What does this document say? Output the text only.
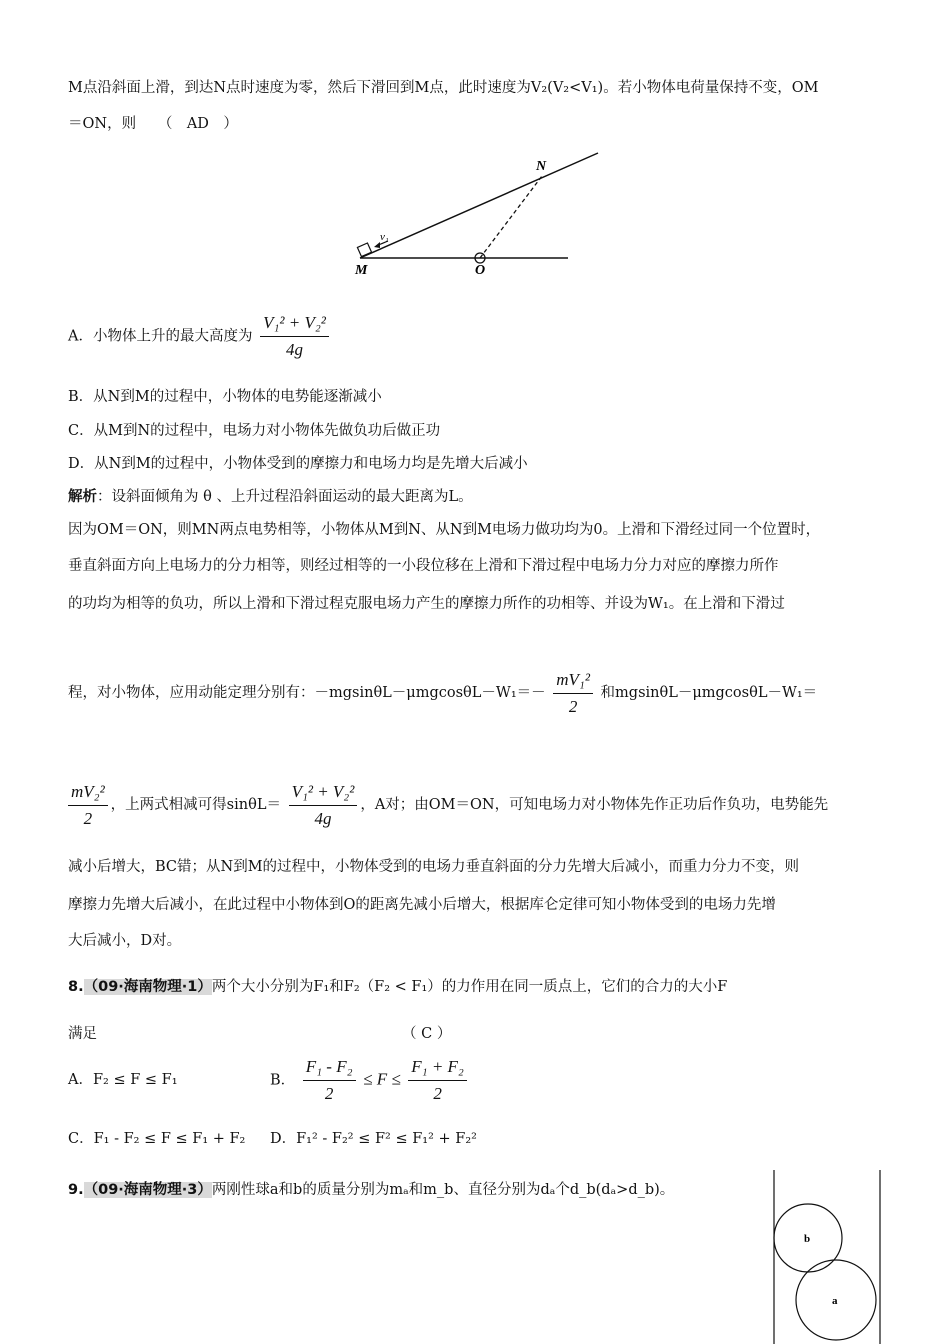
M点沿斜面上滑，到达N点时速度为零，然后下滑回到M点，此时速度为V₂(V₂<V₁)。若小物体电荷量保持不变，OM
＝ON，则　　（　AD　）
v₁
N
M	O
A．小物体上升的最大高度为 $\frac{\text{V₁² + V₂²}}{4g}$
B．从N到M的过程中，小物体的电势能逐渐减小
C．从M到N的过程中，电场力对小物体先做负功后做正功
D．从N到M的过程中，小物体受到的摩擦力和电场力均是先增大后减小
解析：设斜面倾角为 θ 、上升过程沿斜面运动的最大距离为L。
因为OM＝ON，则MN两点电势相等，小物体从M到N、从N到M电场力做功均为0。上滑和下滑经过同一个位置时，
垂直斜面方向上电场力的分力相等，则经过相等的一小段位移在上滑和下滑过程中电场力分力对应的摩擦力所作
的功均为相等的负功，所以上滑和下滑过程克服电场力产生的摩擦力所作的功相等、并设为W₁。在上滑和下滑过
程，对小物体，应用动能定理分别有：$-mgsin\theta L-\mu mgcos\theta L-W_1=- \frac{\text{mV₁²}}{2}$ 和mgsinθL－μmgcosθL－W₁＝
$\frac{\text{mV₂²}}{2}$ ，上两式相减可得$\sin\theta L= \frac{\text{V₁² + V₂²}}{4g}$ ，A对；由OM＝ON，可知电场力对小物体先作正功后作负功，电势能先
减小后增大，BC错；从N到M的过程中，小物体受到的电场力垂直斜面的分力先增大后减小，而重力分力不变，则
摩擦力先增大后减小，在此过程中小物体到O的距离先减小后增大，根据库仑定律可知小物体受到的电场力先增
大后减小，D对。
8.（09·海南物理·1）两个大小分别为F₁和F₂（F₂ < F₁）的力作用在同一质点上，它们的合力的大小F
满足	（ C ）
A．F₂ ≤ F ≤ F₁	B． $\frac{\text{F₁ - F₂}}{2} \le F \le \frac{\text{F₁ + F₂}}{2}$
C．F₁ - F₂ ≤ F ≤ F₁ + F₂ D．F₁² - F₂² ≤ F² ≤ F₁² + F₂²
9.（09·海南物理·3）两刚性球a和b的质量分别为mₐ和m_b、直径分别为dₐ个d_b(dₐ>d_b)。
b
a
